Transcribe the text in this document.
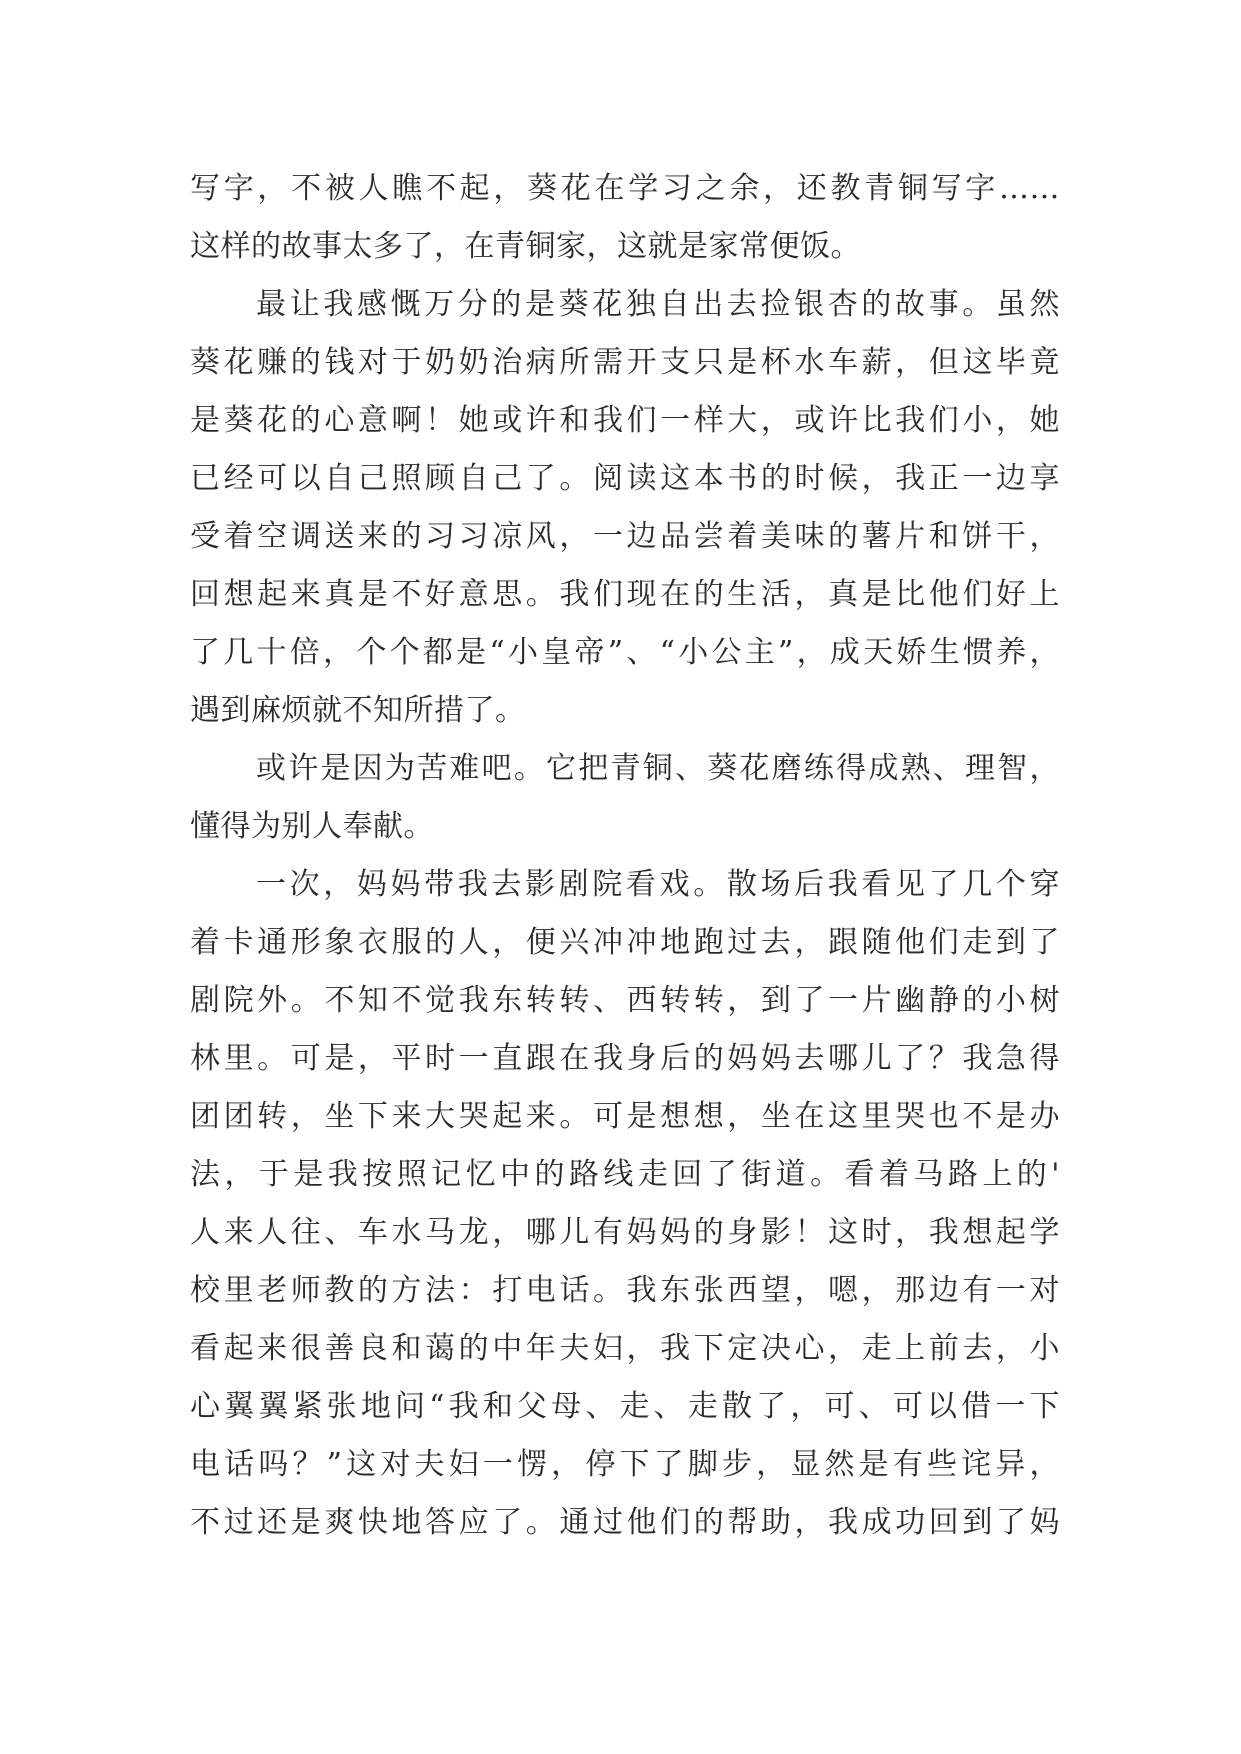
写字，不被人瞧不起，葵花在学习之余，还教青铜写字……
这样的故事太多了，在青铜家，这就是家常便饭。
最让我感慨万分的是葵花独自出去捡银杏的故事。虽然
葵花赚的钱对于奶奶治病所需开支只是杯水车薪，但这毕竟
是葵花的心意啊！她或许和我们一样大，或许比我们小，她
已经可以自己照顾自己了。阅读这本书的时候，我正一边享
受着空调送来的习习凉风，一边品尝着美味的薯片和饼干，
回想起来真是不好意思。我们现在的生活，真是比他们好上
了几十倍，个个都是“小皇帝”、“小公主”，成天娇生惯养，
遇到麻烦就不知所措了。
或许是因为苦难吧。它把青铜、葵花磨练得成熟、理智，
懂得为别人奉献。
一次，妈妈带我去影剧院看戏。散场后我看见了几个穿
着卡通形象衣服的人，便兴冲冲地跑过去，跟随他们走到了
剧院外。不知不觉我东转转、西转转，到了一片幽静的小树
林里。可是，平时一直跟在我身后的妈妈去哪儿了？我急得
团团转，坐下来大哭起来。可是想想，坐在这里哭也不是办
法，于是我按照记忆中的路线走回了街道。看着马路上的'
人来人往、车水马龙，哪儿有妈妈的身影！这时，我想起学
校里老师教的方法：打电话。我东张西望，嗯，那边有一对
看起来很善良和蔼的中年夫妇，我下定决心，走上前去，小
心翼翼紧张地问“我和父母、走、走散了，可、可以借一下
电话吗？”这对夫妇一愣，停下了脚步，显然是有些诧异，
不过还是爽快地答应了。通过他们的帮助，我成功回到了妈
